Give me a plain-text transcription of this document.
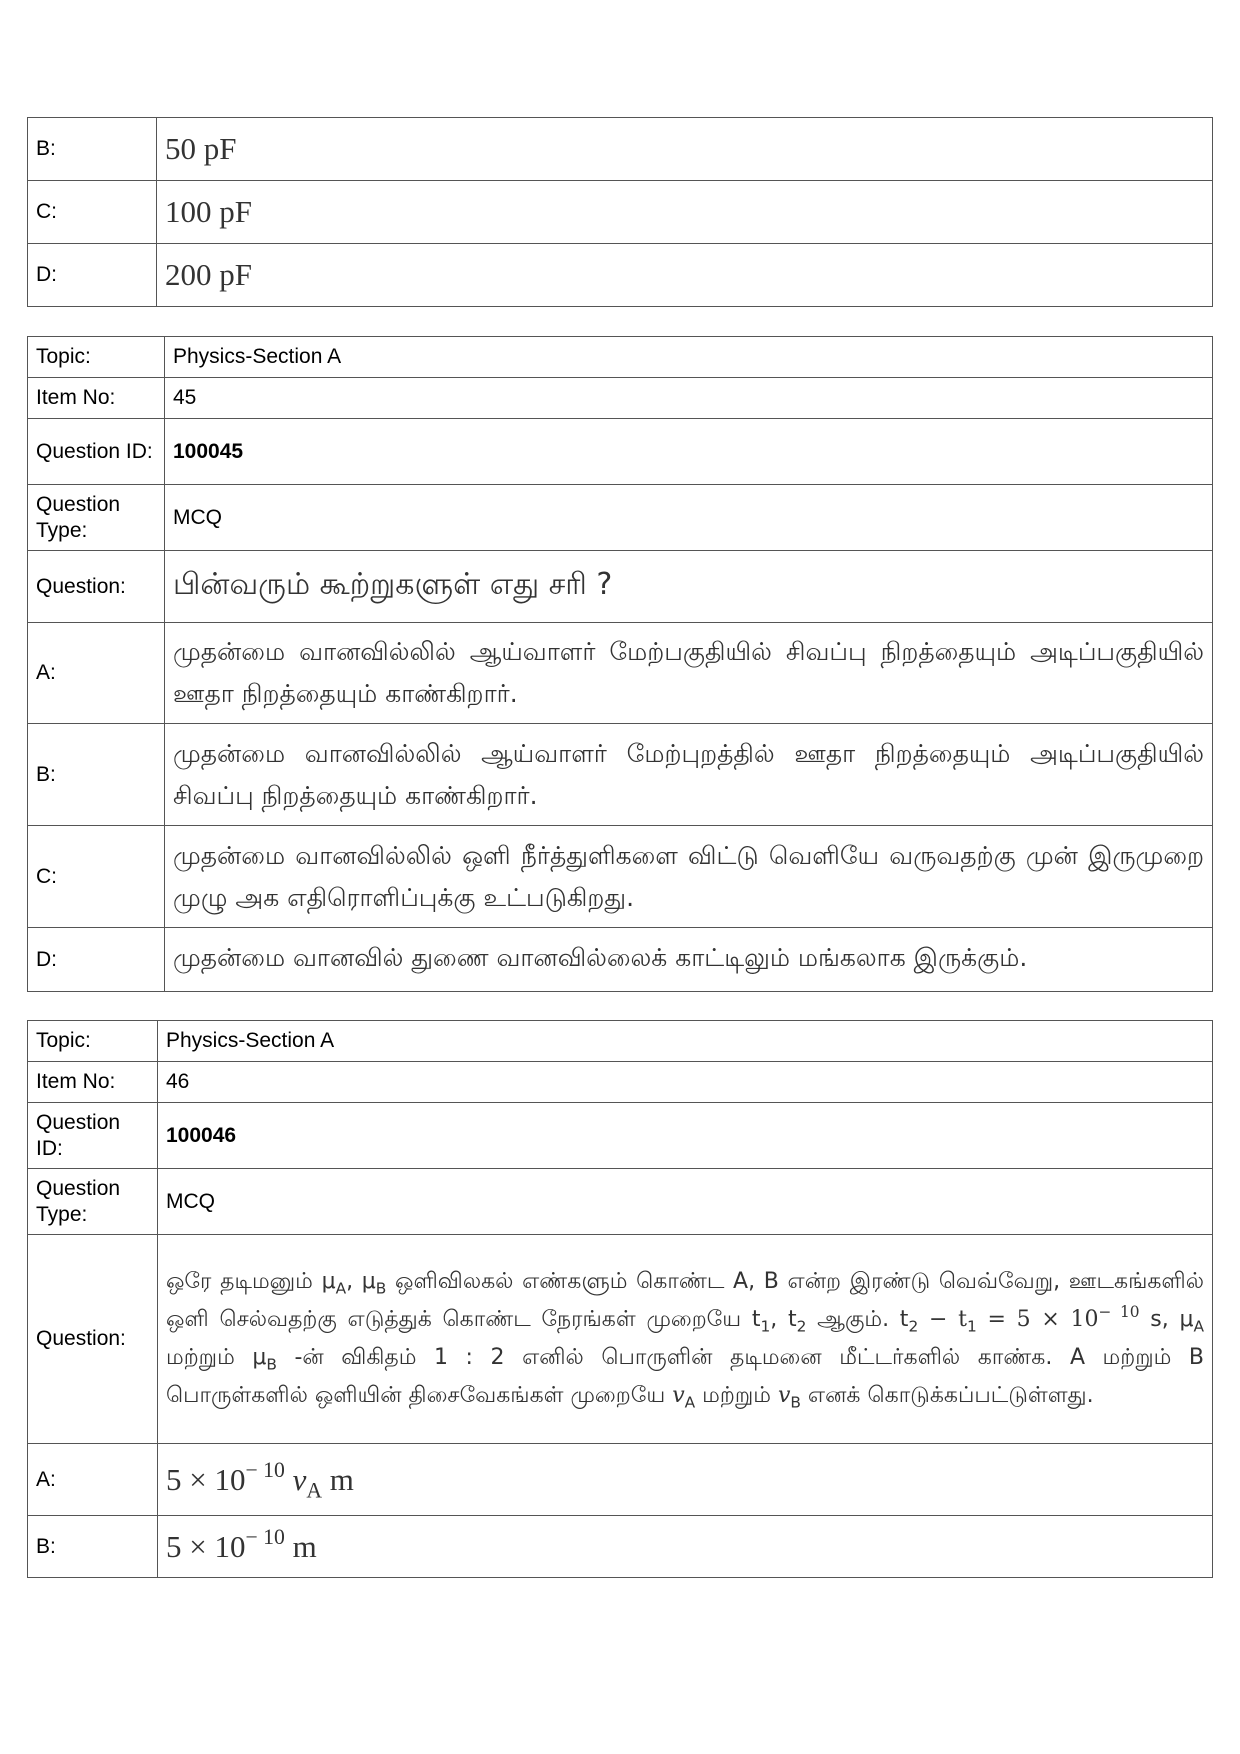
B:	50 pF
C:	100 pF
D:	200 pF
Topic:	Physics-Section A
Item No:	45
Question ID:	100045
Question Type:	MCQ
Question:	பின்வரும் கூற்றுகளுள் எது சரி ?
A:	முதன்மை வானவில்லில் ஆய்வாளர் மேற்பகுதியில் சிவப்பு நிறத்தையும் அடிப்பகுதியில் ஊதா நிறத்தையும் காண்கிறார்.
B:	முதன்மை வானவில்லில் ஆய்வாளர் மேற்புறத்தில் ஊதா நிறத்தையும் அடிப்பகுதியில் சிவப்பு நிறத்தையும் காண்கிறார்.
C:	முதன்மை வானவில்லில் ஒளி நீர்த்துளிகளை விட்டு வெளியே வருவதற்கு முன் இருமுறை முழு அக எதிரொளிப்புக்கு உட்படுகிறது.
D:	முதன்மை வானவில் துணை வானவில்லைக் காட்டிலும் மங்கலாக இருக்கும்.
Topic:	Physics-Section A
Item No:	46
Question ID:	100046
Question Type:	MCQ
Question:	ஒரே தடிமனும் $\mu_A$, $\mu_B$ ஒளிவிலகல் எண்களும் கொண்ட A, B என்ற இரண்டு வெவ்வேறு, ஊடகங்களில் ஒளி செல்வதற்கு எடுத்துக் கொண்ட நேரங்கள் முறையே $t_1$, $t_2$ ஆகும். $t_2 - t_1 = 5 \times 10^{- 10}$ s, $\mu_A$ மற்றும் $\mu_B$ -ன் விகிதம் 1 : 2 எனில் பொருளின் தடிமனை மீட்டர்களில் காண்க. A மற்றும் B பொருள்களில் ஒளியின் திசைவேகங்கள் முறையே $v_A$ மற்றும் $v_B$ எனக் கொடுக்கப்பட்டுள்ளது.
A:	$5 \times 10^{- 10}$ $v_A$ m
B:	$5 \times 10^{- 10}$ m
